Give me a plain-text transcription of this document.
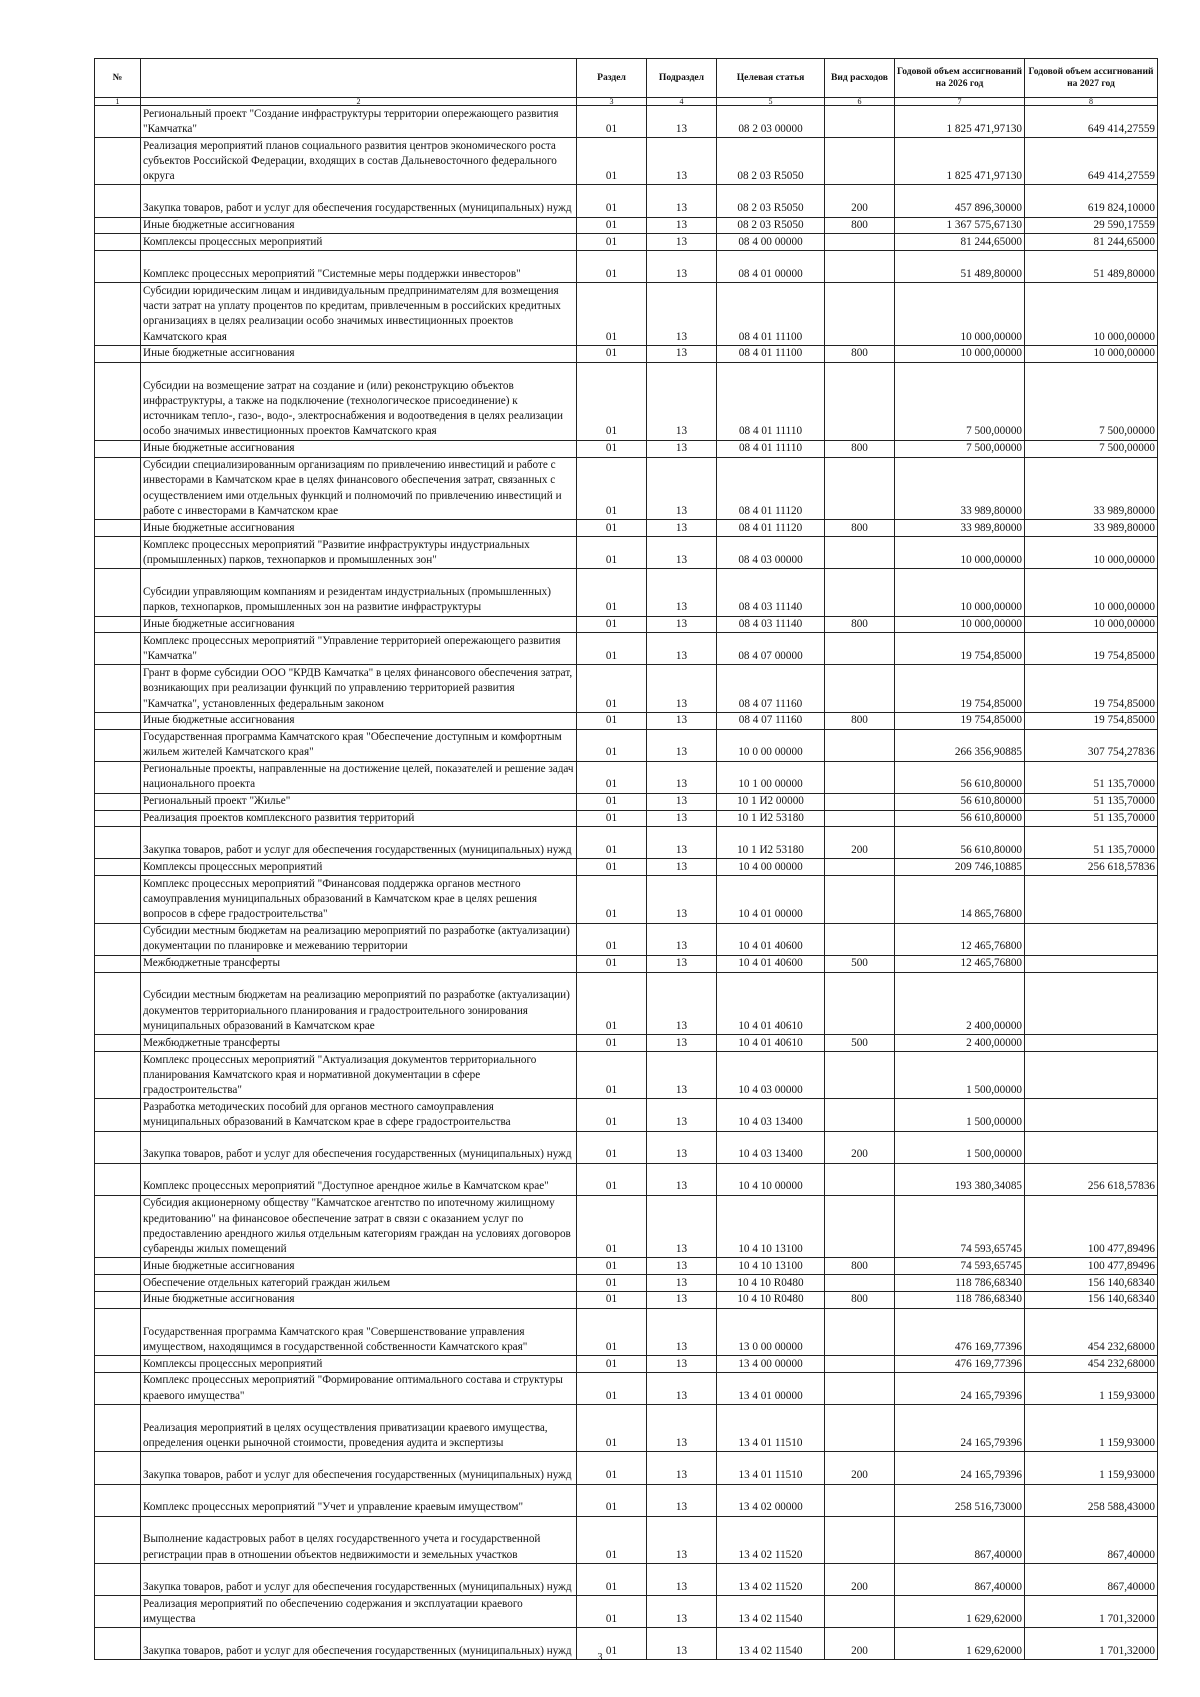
№		Раздел	Подраздел	Целевая статья	Вид расходов	Годовой объем ассигнований на 2026 год	Годовой объем ассигнований на 2027 год
1	2	3	4	5	6	7	8
	Региональный проект "Создание инфраструктуры территории опережающего развития "Камчатка"	01	13	08 2 03 00000		1 825 471,97130	649 414,27559
	Реализация мероприятий планов социального развития центров экономического роста субъектов Российской Федерации, входящих в состав Дальневосточного федерального округа	01	13	08 2 03 R5050		1 825 471,97130	649 414,27559
	Закупка товаров, работ и услуг для обеспечения государственных (муниципальных) нужд	01	13	08 2 03 R5050	200	457 896,30000	619 824,10000
	Иные бюджетные ассигнования	01	13	08 2 03 R5050	800	1 367 575,67130	29 590,17559
	Комплексы процессных мероприятий	01	13	08 4 00 00000		81 244,65000	81 244,65000
	Комплекс процессных мероприятий "Системные меры поддержки инвесторов"	01	13	08 4 01 00000		51 489,80000	51 489,80000
	Субсидии юридическим лицам и индивидуальным предпринимателям для возмещения части затрат на уплату процентов по кредитам, привлеченным в российских кредитных организациях в целях реализации особо значимых инвестиционных проектов Камчатского края	01	13	08 4 01 11100		10 000,00000	10 000,00000
	Иные бюджетные ассигнования	01	13	08 4 01 11100	800	10 000,00000	10 000,00000
	Субсидии на возмещение затрат на создание и (или) реконструкцию объектов инфраструктуры, а также на подключение (технологическое присоединение) к источникам тепло-, газо-, водо-, электроснабжения и водоотведения в целях реализации особо значимых инвестиционных проектов Камчатского края	01	13	08 4 01 11110		7 500,00000	7 500,00000
	Иные бюджетные ассигнования	01	13	08 4 01 11110	800	7 500,00000	7 500,00000
	Субсидии специализированным организациям по привлечению инвестиций и работе с инвесторами в Камчатском крае в целях финансового обеспечения затрат, связанных с осуществлением ими отдельных функций и полномочий по привлечению инвестиций и работе с инвесторами в Камчатском крае	01	13	08 4 01 11120		33 989,80000	33 989,80000
	Иные бюджетные ассигнования	01	13	08 4 01 11120	800	33 989,80000	33 989,80000
	Комплекс процессных мероприятий "Развитие инфраструктуры индустриальных (промышленных) парков, технопарков и промышленных зон"	01	13	08 4 03 00000		10 000,00000	10 000,00000
	Субсидии управляющим компаниям и резидентам индустриальных (промышленных) парков, технопарков, промышленных зон на развитие инфраструктуры	01	13	08 4 03 11140		10 000,00000	10 000,00000
	Иные бюджетные ассигнования	01	13	08 4 03 11140	800	10 000,00000	10 000,00000
	Комплекс процессных мероприятий "Управление территорией опережающего развития "Камчатка"	01	13	08 4 07 00000		19 754,85000	19 754,85000
	Грант в форме субсидии ООО "КРДВ Камчатка" в целях финансового обеспечения затрат, возникающих при реализации функций по управлению территорией развития "Камчатка", установленных федеральным законом	01	13	08 4 07 11160		19 754,85000	19 754,85000
	Иные бюджетные ассигнования	01	13	08 4 07 11160	800	19 754,85000	19 754,85000
	Государственная программа Камчатского края "Обеспечение доступным и комфортным жильем жителей Камчатского края"	01	13	10 0 00 00000		266 356,90885	307 754,27836
	Региональные проекты, направленные на достижение целей, показателей и решение задач национального проекта	01	13	10 1 00 00000		56 610,80000	51 135,70000
	Региональный проект "Жилье"	01	13	10 1 И2 00000		56 610,80000	51 135,70000
	Реализация проектов комплексного развития территорий	01	13	10 1 И2 53180		56 610,80000	51 135,70000
	Закупка товаров, работ и услуг для обеспечения государственных (муниципальных) нужд	01	13	10 1 И2 53180	200	56 610,80000	51 135,70000
	Комплексы процессных мероприятий	01	13	10 4 00 00000		209 746,10885	256 618,57836
	Комплекс процессных мероприятий "Финансовая поддержка органов местного самоуправления муниципальных образований в Камчатском крае в целях решения вопросов в сфере градостроительства"	01	13	10 4 01 00000		14 865,76800	
	Субсидии местным бюджетам на реализацию мероприятий по разработке (актуализации) документации по планировке и межеванию территории	01	13	10 4 01 40600		12 465,76800	
	Межбюджетные трансферты	01	13	10 4 01 40600	500	12 465,76800	
	Субсидии местным бюджетам на реализацию мероприятий по разработке (актуализации) документов территориального планирования и градостроительного зонирования муниципальных образований в Камчатском крае	01	13	10 4 01 40610		2 400,00000	
	Межбюджетные трансферты	01	13	10 4 01 40610	500	2 400,00000	
	Комплекс процессных мероприятий "Актуализация документов территориального планирования Камчатского края и нормативной документации в сфере градостроительства"	01	13	10 4 03 00000		1 500,00000	
	Разработка методических пособий для органов местного самоуправления муниципальных образований в Камчатском крае в сфере градостроительства	01	13	10 4 03 13400		1 500,00000	
	Закупка товаров, работ и услуг для обеспечения государственных (муниципальных) нужд	01	13	10 4 03 13400	200	1 500,00000	
	Комплекс процессных мероприятий "Доступное арендное жилье в Камчатском крае"	01	13	10 4 10 00000		193 380,34085	256 618,57836
	Субсидия акционерному обществу "Камчатское агентство по ипотечному жилищному кредитованию" на финансовое обеспечение затрат в связи с оказанием услуг по предоставлению арендного жилья отдельным категориям граждан на условиях договоров субаренды жилых помещений	01	13	10 4 10 13100		74 593,65745	100 477,89496
	Иные бюджетные ассигнования	01	13	10 4 10 13100	800	74 593,65745	100 477,89496
	Обеспечение отдельных категорий граждан жильем	01	13	10 4 10 R0480		118 786,68340	156 140,68340
	Иные бюджетные ассигнования	01	13	10 4 10 R0480	800	118 786,68340	156 140,68340
	Государственная программа Камчатского края "Совершенствование управления имуществом, находящимся в государственной собственности Камчатского края"	01	13	13 0 00 00000		476 169,77396	454 232,68000
	Комплексы процессных мероприятий	01	13	13 4 00 00000		476 169,77396	454 232,68000
	Комплекс процессных мероприятий "Формирование оптимального состава и структуры краевого имущества"	01	13	13 4 01 00000		24 165,79396	1 159,93000
	Реализация мероприятий в целях осуществления приватизации краевого имущества, определения оценки рыночной стоимости, проведения аудита и экспертизы	01	13	13 4 01 11510		24 165,79396	1 159,93000
	Закупка товаров, работ и услуг для обеспечения государственных (муниципальных) нужд	01	13	13 4 01 11510	200	24 165,79396	1 159,93000
	Комплекс процессных мероприятий "Учет и управление краевым имуществом"	01	13	13 4 02 00000		258 516,73000	258 588,43000
	Выполнение кадастровых работ в целях государственного учета и государственной регистрации прав в отношении объектов недвижимости и земельных участков	01	13	13 4 02 11520		867,40000	867,40000
	Закупка товаров, работ и услуг для обеспечения государственных (муниципальных) нужд	01	13	13 4 02 11520	200	867,40000	867,40000
	Реализация мероприятий по обеспечению содержания и эксплуатации краевого имущества	01	13	13 4 02 11540		1 629,62000	1 701,32000
	Закупка товаров, работ и услуг для обеспечения государственных (муниципальных) нужд	01	13	13 4 02 11540	200	1 629,62000	1 701,32000
3
